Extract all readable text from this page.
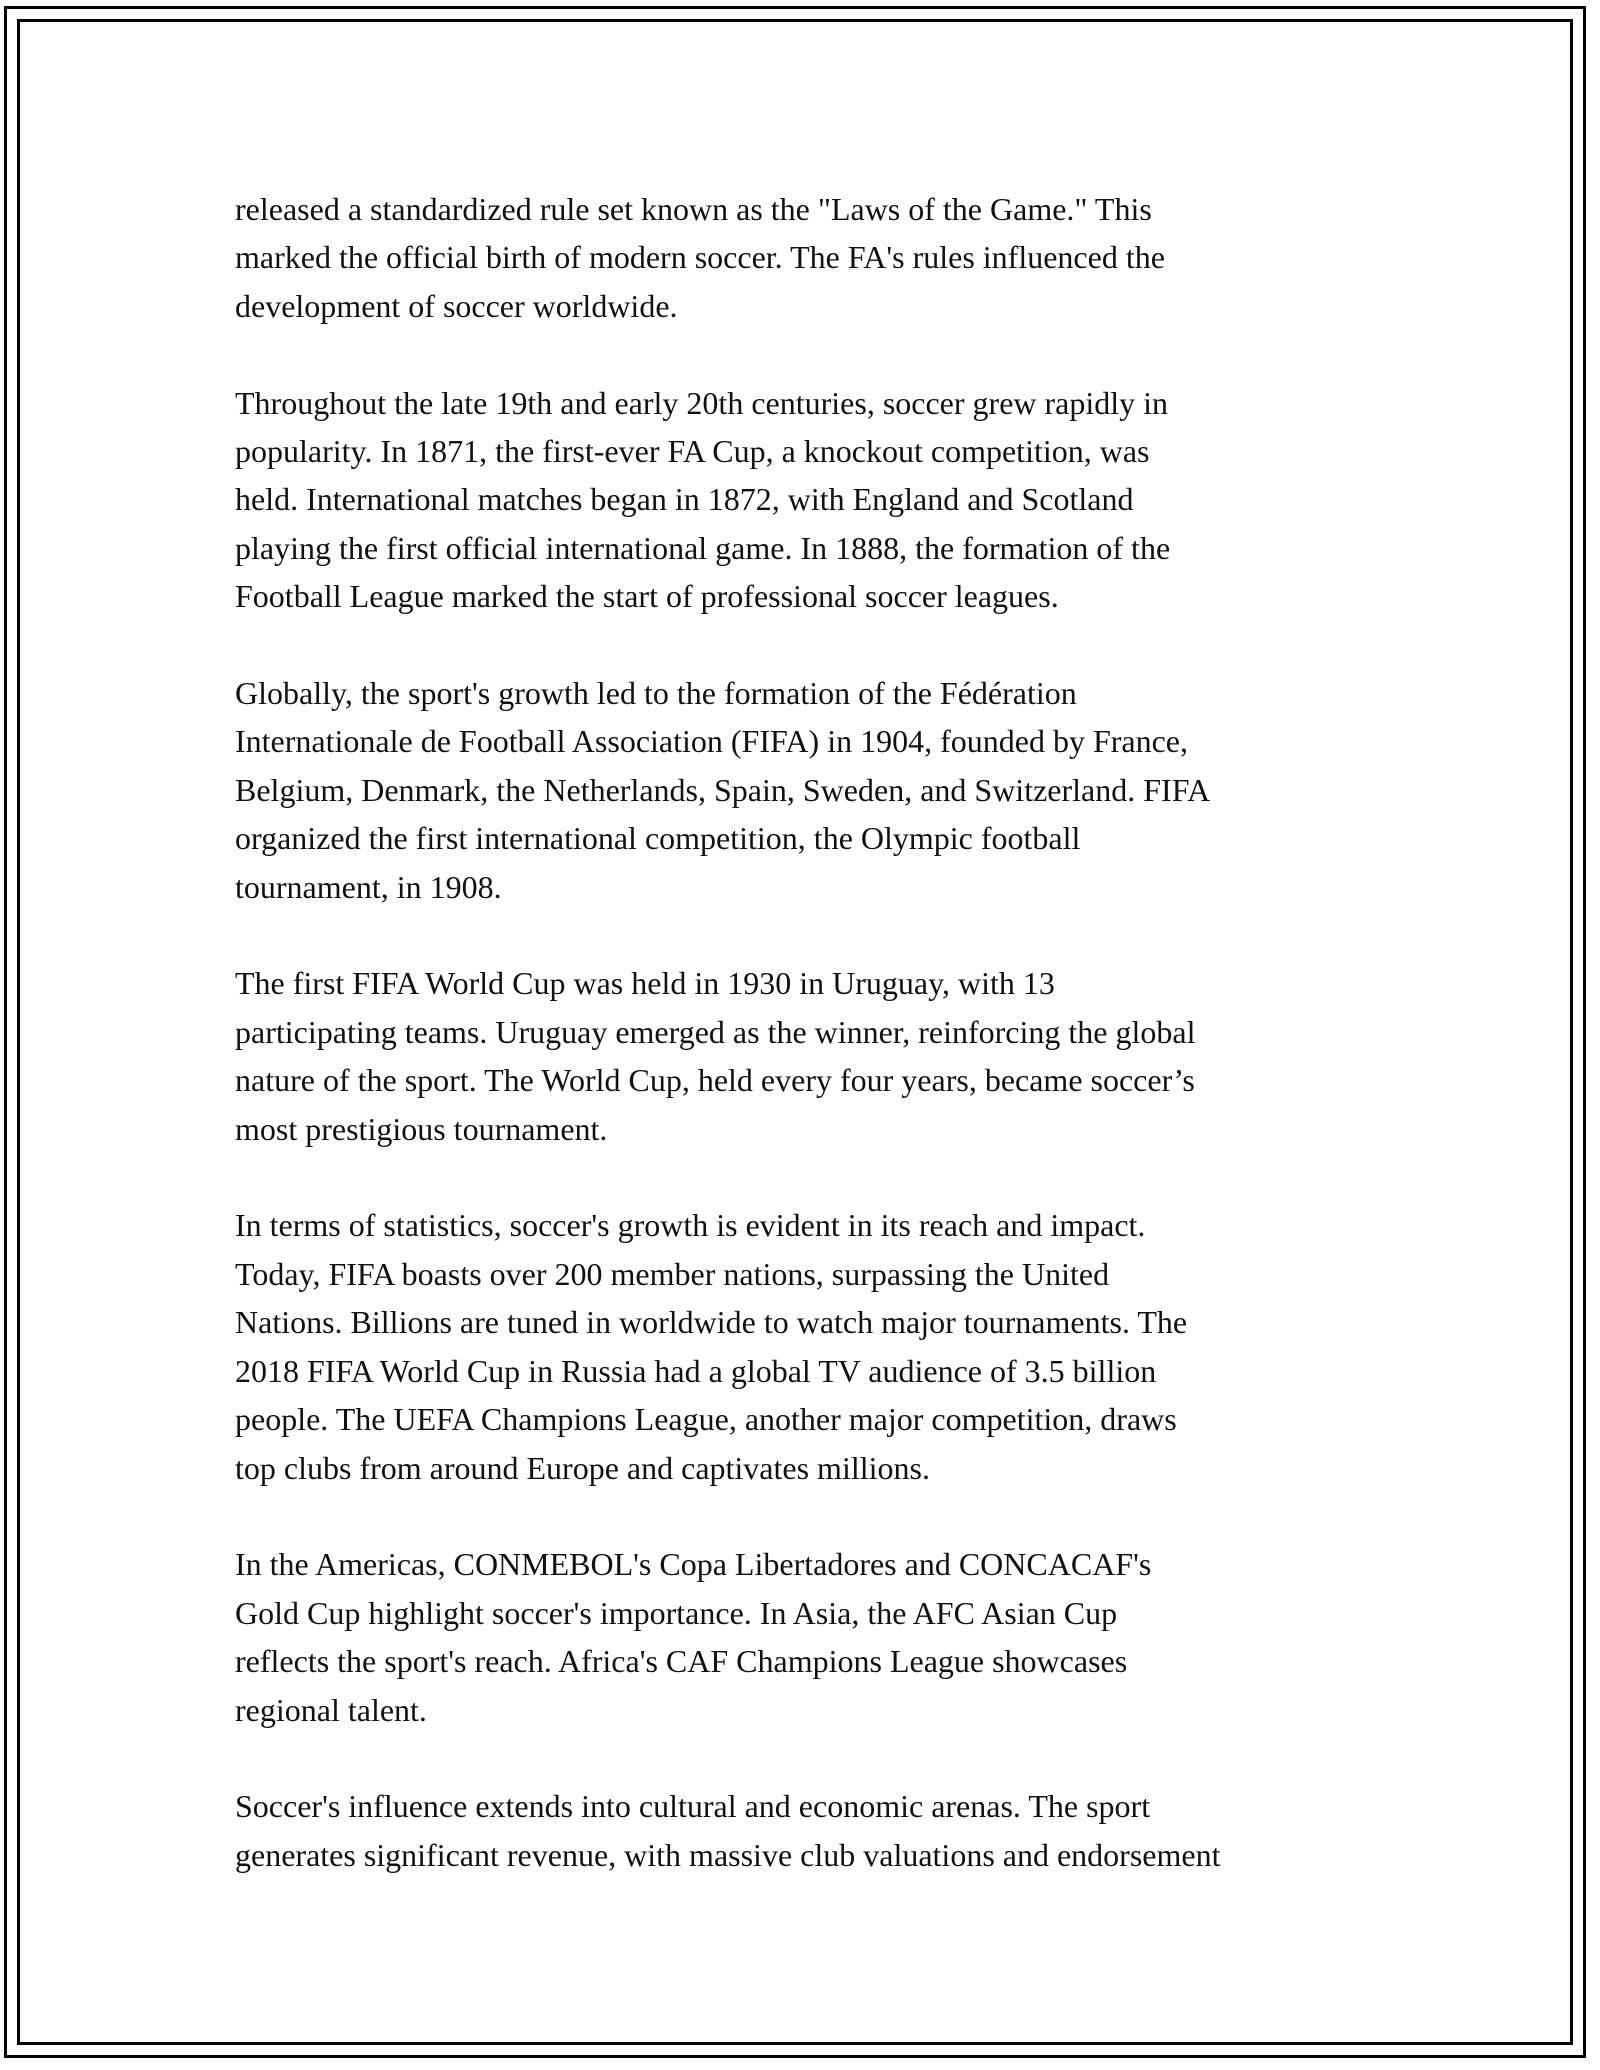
released a standardized rule set known as the "Laws of the Game." This
marked the official birth of modern soccer. The FA's rules influenced the
development of soccer worldwide.

Throughout the late 19th and early 20th centuries, soccer grew rapidly in
popularity. In 1871, the first-ever FA Cup, a knockout competition, was
held. International matches began in 1872, with England and Scotland
playing the first official international game. In 1888, the formation of the
Football League marked the start of professional soccer leagues.

Globally, the sport's growth led to the formation of the Fédération
Internationale de Football Association (FIFA) in 1904, founded by France,
Belgium, Denmark, the Netherlands, Spain, Sweden, and Switzerland. FIFA
organized the first international competition, the Olympic football
tournament, in 1908.

The first FIFA World Cup was held in 1930 in Uruguay, with 13
participating teams. Uruguay emerged as the winner, reinforcing the global
nature of the sport. The World Cup, held every four years, became soccer’s
most prestigious tournament.

In terms of statistics, soccer's growth is evident in its reach and impact.
Today, FIFA boasts over 200 member nations, surpassing the United
Nations. Billions are tuned in worldwide to watch major tournaments. The
2018 FIFA World Cup in Russia had a global TV audience of 3.5 billion
people. The UEFA Champions League, another major competition, draws
top clubs from around Europe and captivates millions.

In the Americas, CONMEBOL's Copa Libertadores and CONCACAF's
Gold Cup highlight soccer's importance. In Asia, the AFC Asian Cup
reflects the sport's reach. Africa's CAF Champions League showcases
regional talent.

Soccer's influence extends into cultural and economic arenas. The sport
generates significant revenue, with massive club valuations and endorsement
